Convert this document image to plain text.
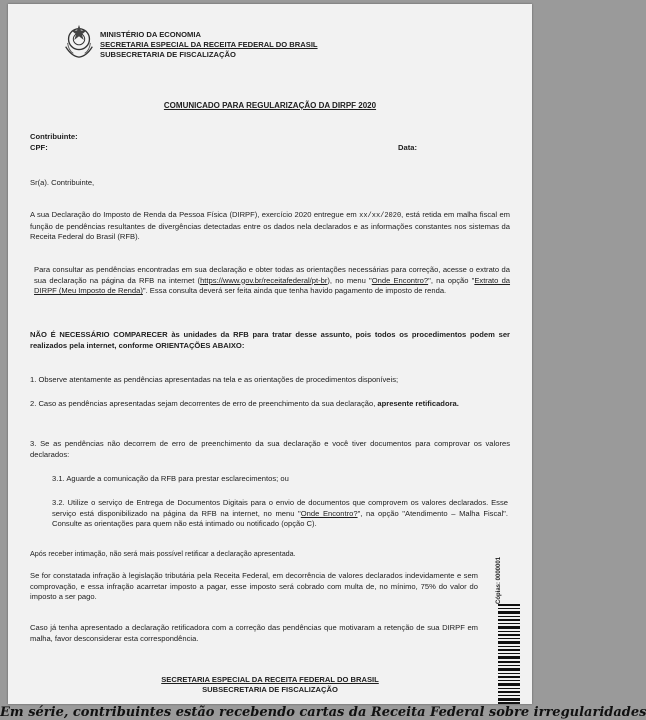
MINISTÉRIO DA ECONOMIA
SECRETARIA ESPECIAL DA RECEITA FEDERAL DO BRASIL
SUBSECRETARIA DE FISCALIZAÇÃO
COMUNICADO PARA REGULARIZAÇÃO DA DIRPF 2020
Contribuinte:
CPF:	Data:
Sr(a). Contribuinte,

A sua Declaração do Imposto de Renda da Pessoa Física (DIRPF), exercício 2020 entregue em xx/xx/2020, está retida em malha fiscal em função de pendências resultantes de divergências detectadas entre os dados nela declarados e as informações constantes nos sistemas da Receita Federal do Brasil (RFB).

Para consultar as pendências encontradas em sua declaração e obter todas as orientações necessárias para correção, acesse o extrato da sua declaração na página da RFB na internet (https://www.gov.br/receitafederal/pt-br), no menu "Onde Encontro?", na opção "Extrato da DIRPF (Meu Imposto de Renda)". Essa consulta deverá ser feita ainda que tenha havido pagamento de imposto de renda.

NÃO É NECESSÁRIO COMPARECER às unidades da RFB para tratar desse assunto, pois todos os procedimentos podem ser realizados pela internet, conforme ORIENTAÇÕES ABAIXO:

1. Observe atentamente as pendências apresentadas na tela e as orientações de procedimentos disponíveis;

2. Caso as pendências apresentadas sejam decorrentes de erro de preenchimento da sua declaração, apresente retificadora.

3. Se as pendências não decorrem de erro de preenchimento da sua declaração e você tiver documentos para comprovar os valores declarados:

3.1. Aguarde a comunicação da RFB para prestar esclarecimentos; ou

3.2. Utilize o serviço de Entrega de Documentos Digitais para o envio de documentos que comprovem os valores declarados. Esse serviço está disponibilizado na página da RFB na internet, no menu "Onde Encontro?", na opção "Atendimento – Malha Fiscal". Consulte as orientações para quem não está intimado ou notificado (opção C).

Após receber intimação, não será mais possível retificar a declaração apresentada.

Se for constatada infração à legislação tributária pela Receita Federal, em decorrência de valores declarados indevidamente e sem comprovação, e essa infração acarretar imposto a pagar, esse imposto será cobrado com multa de, no mínimo, 75% do valor do imposto a ser pago.

Caso já tenha apresentado a declaração retificadora com a correção das pendências que motivaram a retenção de sua DIRPF em malha, favor desconsiderar esta correspondência.

SECRETARIA ESPECIAL DA RECEITA FEDERAL DO BRASIL
SUBSECRETARIA DE FISCALIZAÇÃO
Cópias: 0000001
Em série, contribuintes estão recebendo cartas da Receita Federal sobre irregularidades
